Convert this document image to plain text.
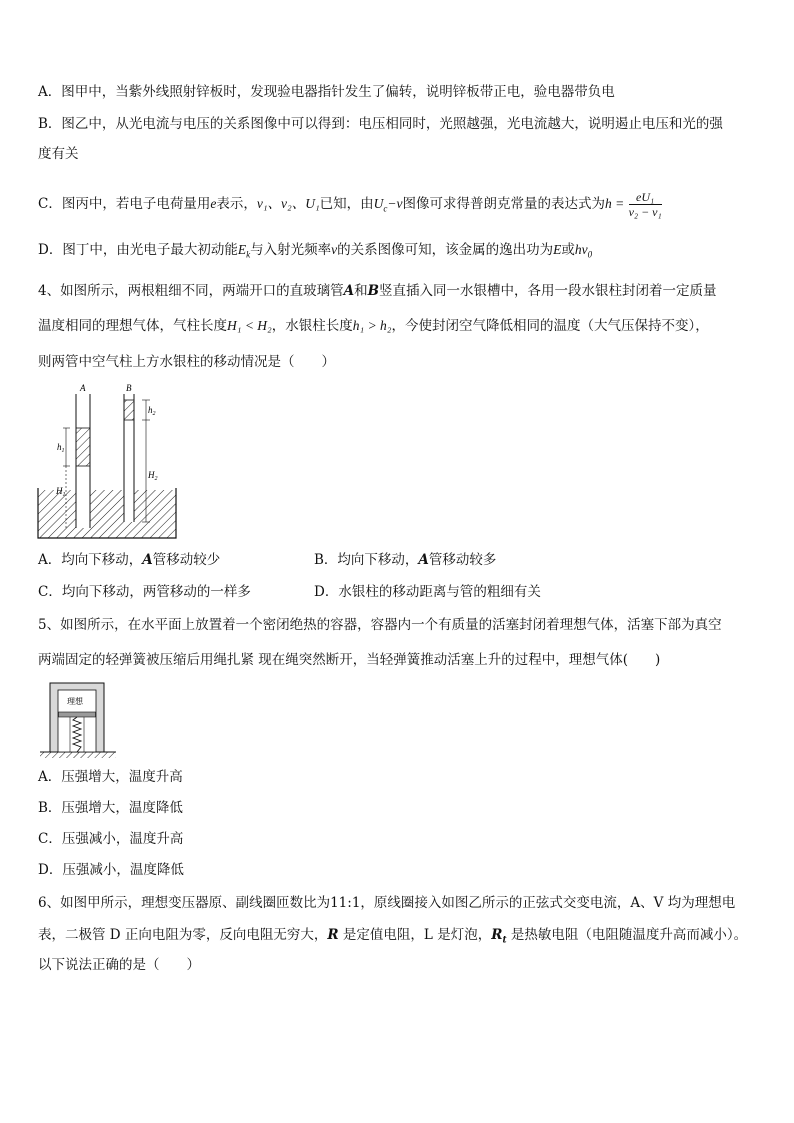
A．图甲中，当紫外线照射锌板时，发现验电器指针发生了偏转，说明锌板带正电，验电器带负电
B．图乙中，从光电流与电压的关系图像中可以得到：电压相同时，光照越强，光电流越大，说明遏止电压和光的强
度有关
C．图丙中，若电子电荷量用e表示，ν₁、ν₂、U₁已知，由$U_c-\nu$图像可求得普朗克常量的表达式为$h = \frac{\text{eU₁}}{\text{ν₂ − ν₁}}$
D．图丁中，由光电子最大初动能$E_k$与入射光频率ν的关系图像可知，该金属的逸出功为E或$h\nu_0$
4、如图所示，两根粗细不同，两端开口的直玻璃管A和B竖直插入同一水银槽中，各用一段水银柱封闭着一定质量
温度相同的理想气体，气柱长度H₁ < H₂，水银柱长度h₁ > h₂，今使封闭空气降低相同的温度（大气压保持不变），
则两管中空气柱上方水银柱的移动情况是（　　）
A	B
$h_1$
$H_1$
$h_2$
$H_2$
A．均向下移动，A管移动较少	B．均向下移动，A管移动较多
C．均向下移动，两管移动的一样多	D．水银柱的移动距离与管的粗细有关
5、如图所示，在水平面上放置着一个密闭绝热的容器，容器内一个有质量的活塞封闭着理想气体，活塞下部为真空
两端固定的轻弹簧被压缩后用绳扎紧 现在绳突然断开，当轻弹簧推动活塞上升的过程中，理想气体(　　)
理想
A．压强增大，温度升高
B．压强增大，温度降低
C．压强减小，温度升高
D．压强减小，温度降低
6、如图甲所示，理想变压器原、副线圈匝数比为11:1，原线圈接入如图乙所示的正弦式交变电流，A、V 均为理想电
表，二极管 D 正向电阻为零，反向电阻无穷大，R 是定值电阻，L 是灯泡，$R_t$ 是热敏电阻（电阻随温度升高而减小）。
以下说法正确的是（　　）
